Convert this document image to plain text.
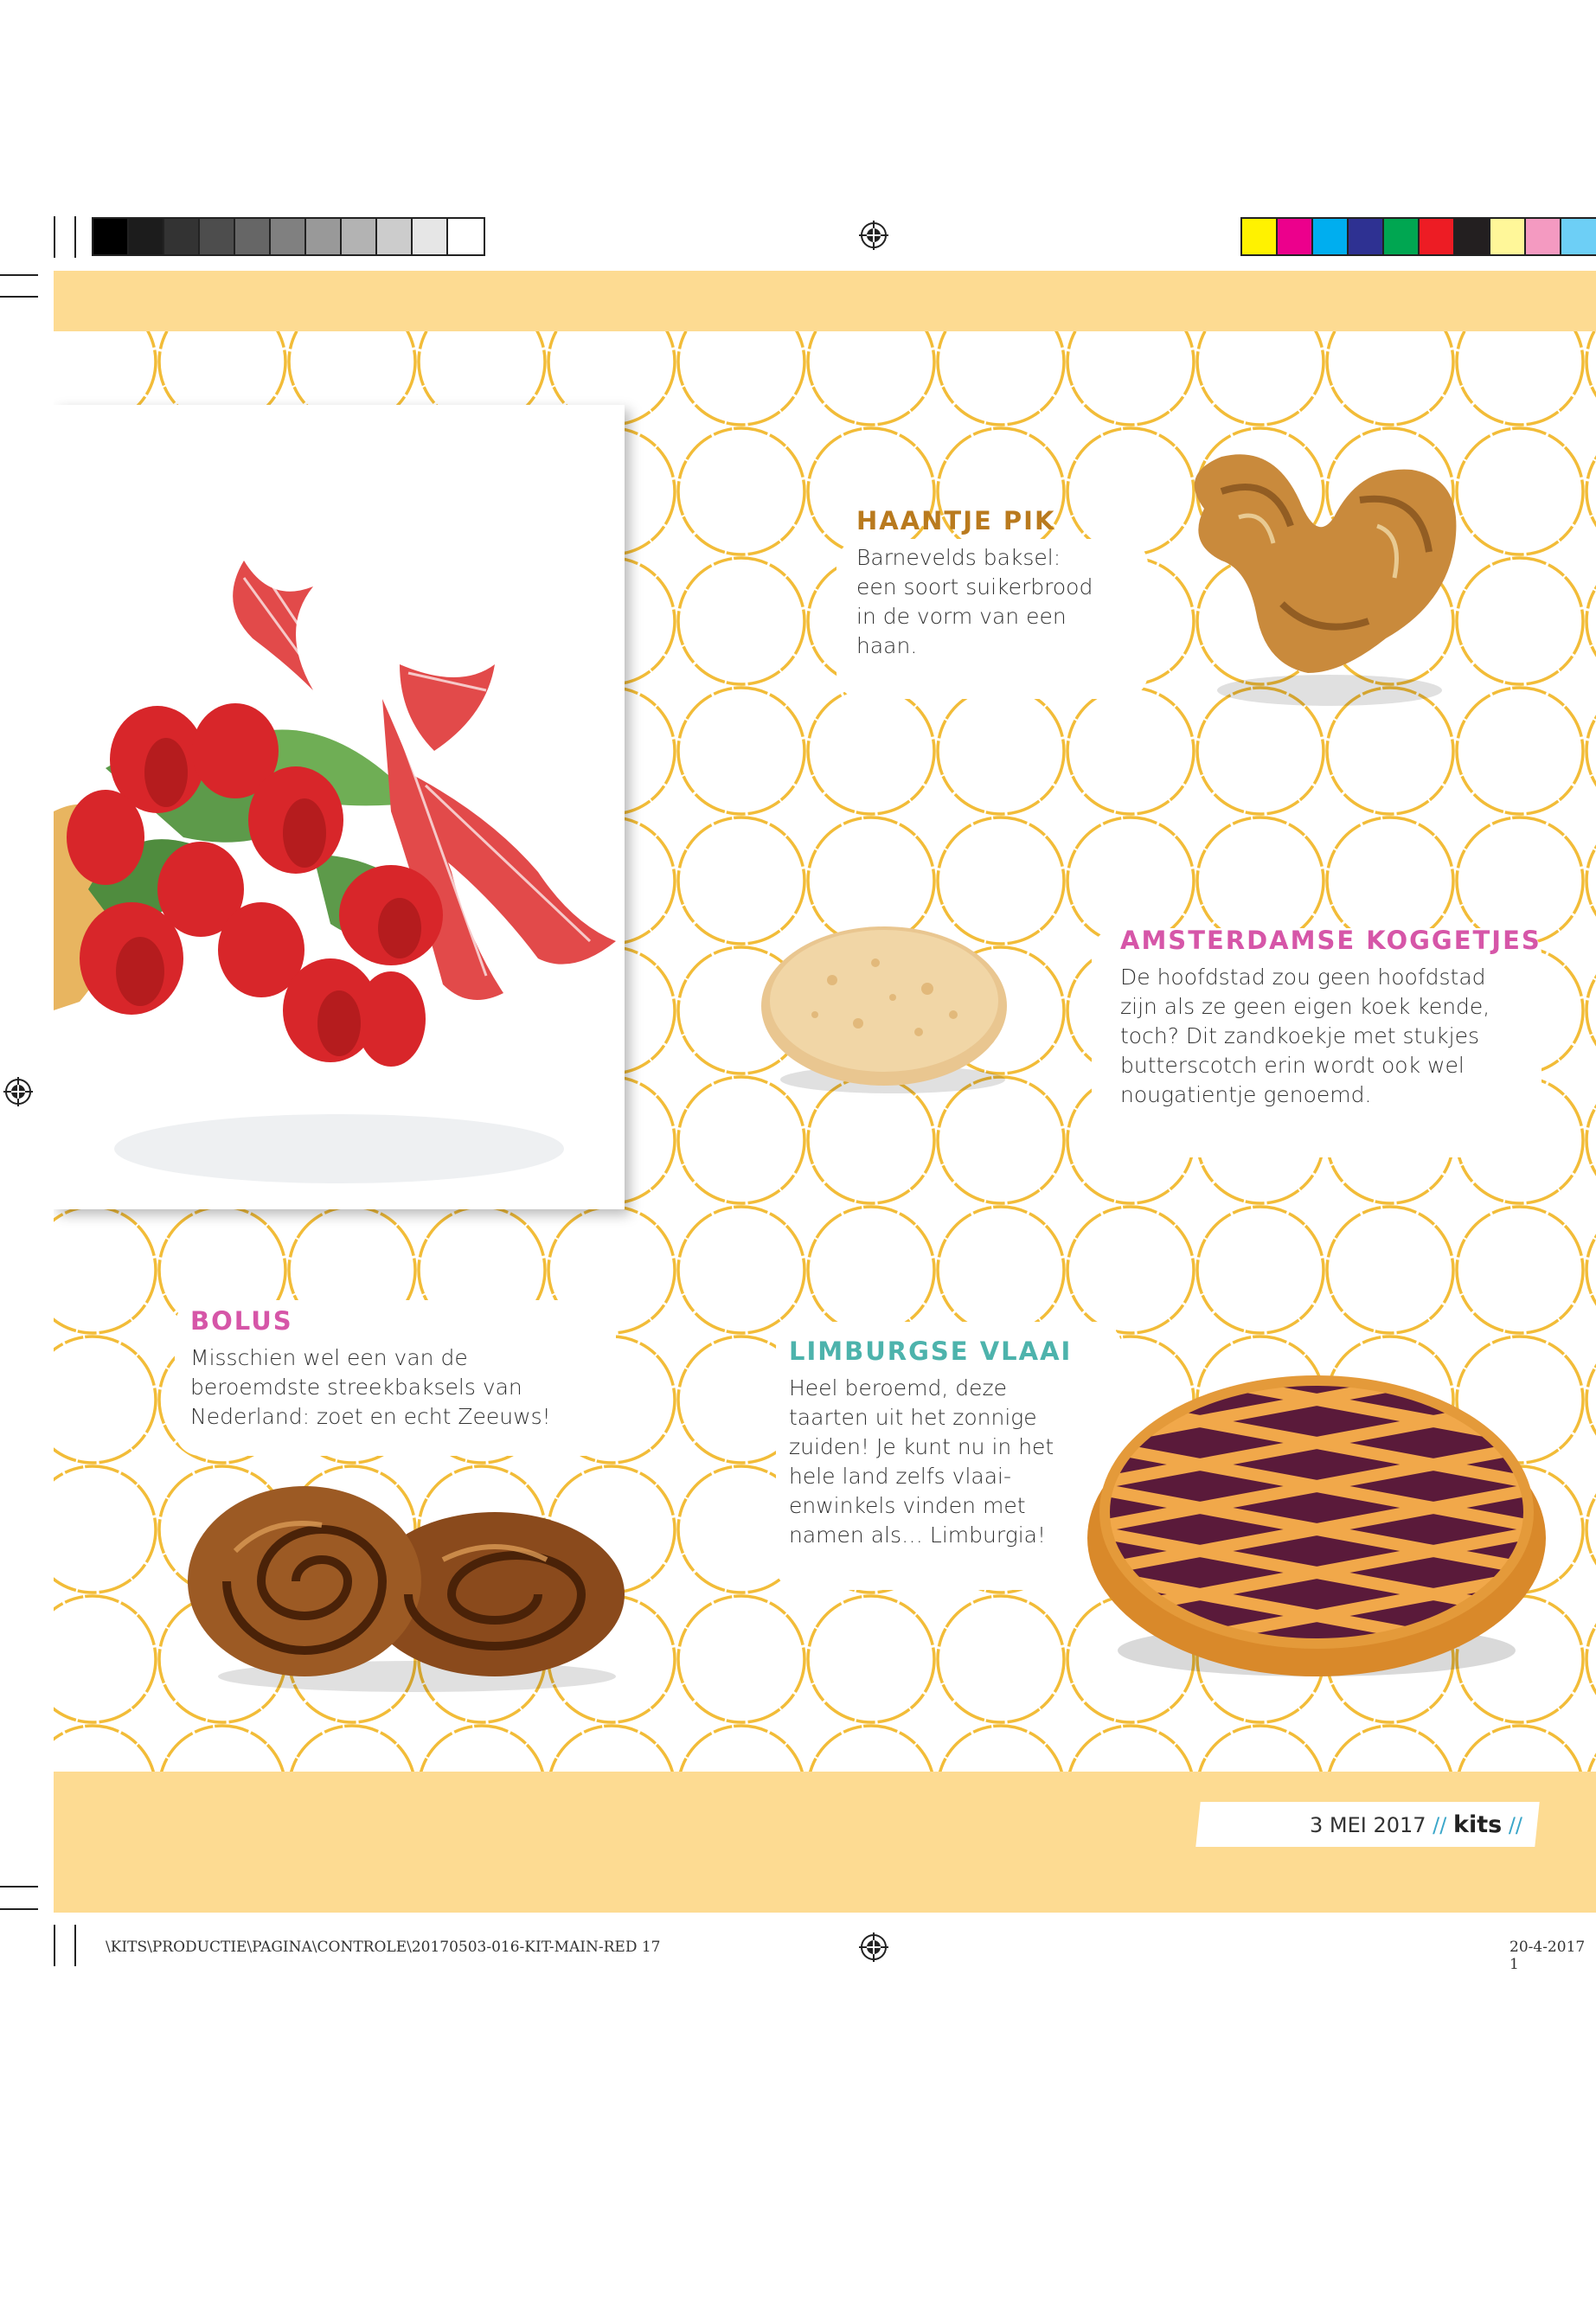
HAANTJE PIK

Barnevelds baksel: een soort suikerbrood in de vorm van een haan.

AMSTERDAMSE KOGGETJES

De hoofdstad zou geen hoofdstad zijn als ze geen eigen koek kende, toch? Dit zandkoekje met stukjes butterscotch erin wordt ook wel nougatientje genoemd.

BOLUS

Misschien wel een van de beroemdste streekbaksels van Nederland: zoet en echt Zeeuws!

LIMBURGSE VLAAI

Heel beroemd, deze taarten uit het zonnige zuiden! Je kunt nu in het hele land zelfs vlaai-enwinkels vinden met namen als… Limburgia!

3 MEI 2017 // kits //
\KITS\PRODUCTIE\PAGINA\CONTROLE\20170503-016-KIT-MAIN-RED 17	20-4-2017 1
